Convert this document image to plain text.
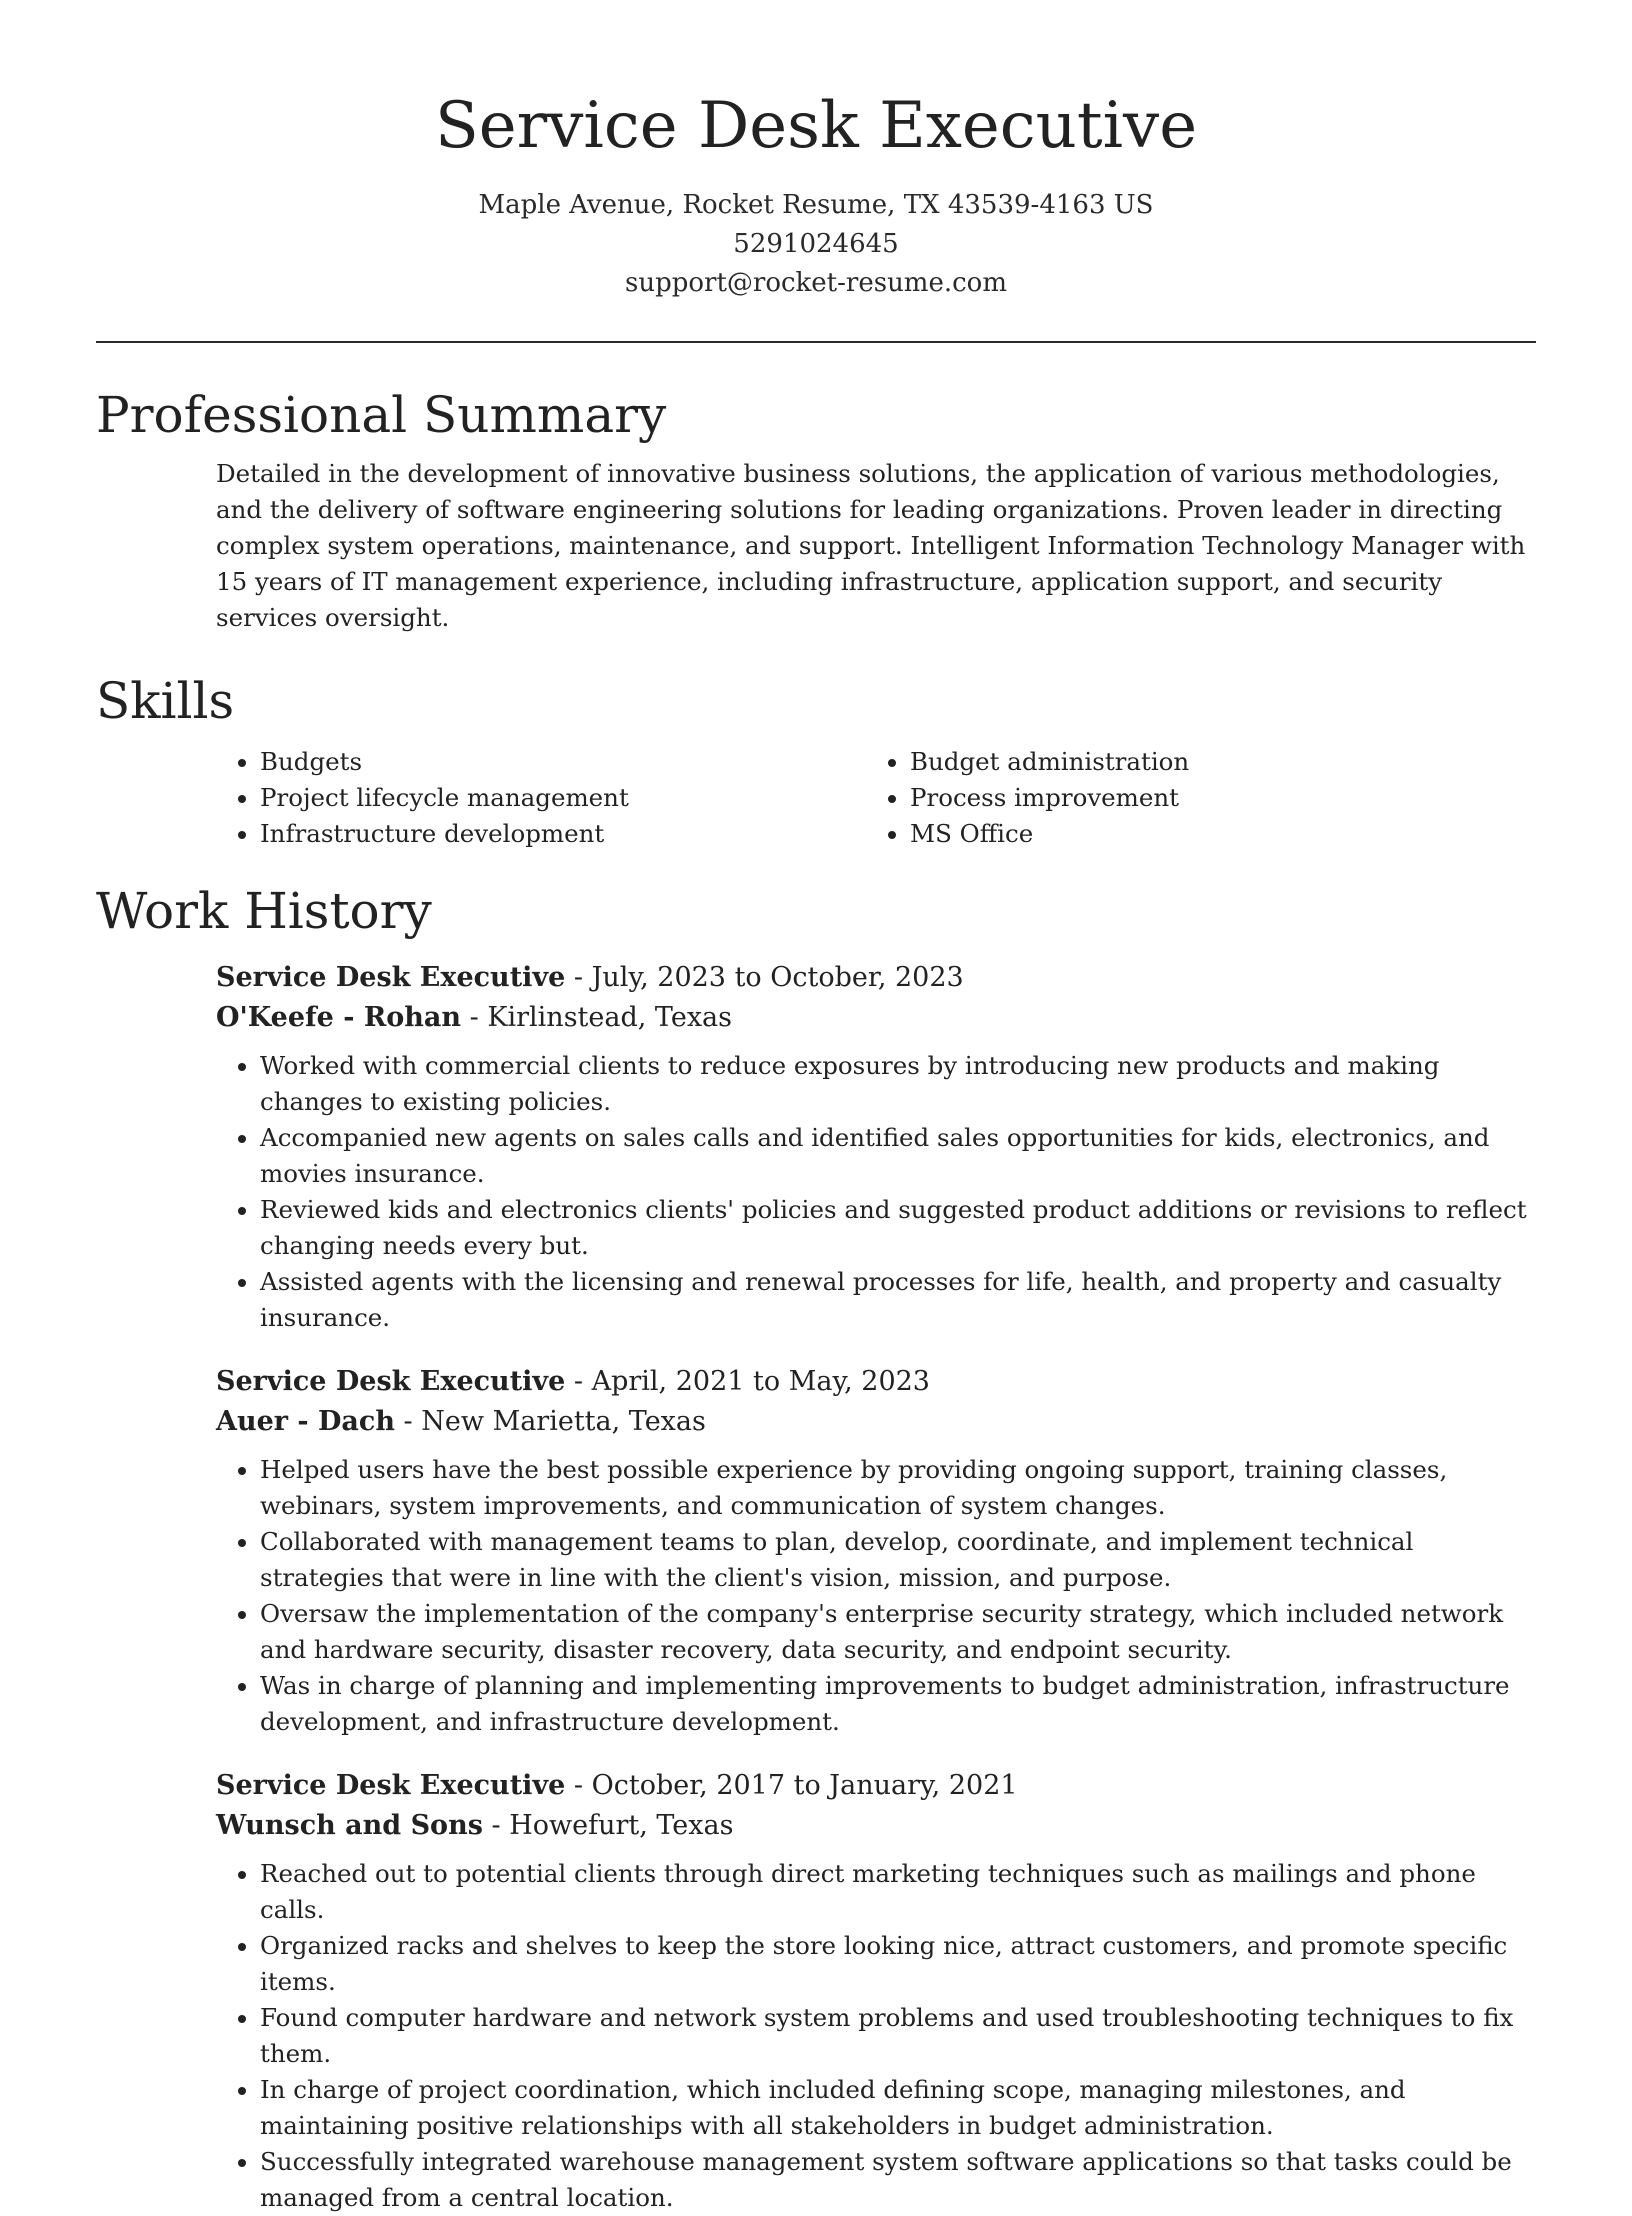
Service Desk Executive
Maple Avenue, Rocket Resume, TX 43539-4163 US
5291024645
support@rocket-resume.com
Professional Summary

Detailed in the development of innovative business solutions, the application of various methodologies, and the delivery of software engineering solutions for leading organizations. Proven leader in directing complex system operations, maintenance, and support. Intelligent Information Technology Manager with 15 years of IT management experience, including infrastructure, application support, and security services oversight.

Skills
• Budgets
• Project lifecycle management
• Infrastructure development
• Budget administration
• Process improvement
• MS Office
Work History
Service Desk Executive - July, 2023 to October, 2023
O'Keefe - Rohan - Kirlinstead, Texas
• Worked with commercial clients to reduce exposures by introducing new products and making changes to existing policies.
• Accompanied new agents on sales calls and identified sales opportunities for kids, electronics, and movies insurance.
• Reviewed kids and electronics clients' policies and suggested product additions or revisions to reflect changing needs every but.
• Assisted agents with the licensing and renewal processes for life, health, and property and casualty insurance.
Service Desk Executive - April, 2021 to May, 2023
Auer - Dach - New Marietta, Texas
• Helped users have the best possible experience by providing ongoing support, training classes, webinars, system improvements, and communication of system changes.
• Collaborated with management teams to plan, develop, coordinate, and implement technical strategies that were in line with the client's vision, mission, and purpose.
• Oversaw the implementation of the company's enterprise security strategy, which included network and hardware security, disaster recovery, data security, and endpoint security.
• Was in charge of planning and implementing improvements to budget administration, infrastructure development, and infrastructure development.
Service Desk Executive - October, 2017 to January, 2021
Wunsch and Sons - Howefurt, Texas
• Reached out to potential clients through direct marketing techniques such as mailings and phone calls.
• Organized racks and shelves to keep the store looking nice, attract customers, and promote specific items.
• Found computer hardware and network system problems and used troubleshooting techniques to fix them.
• In charge of project coordination, which included defining scope, managing milestones, and maintaining positive relationships with all stakeholders in budget administration.
• Successfully integrated warehouse management system software applications so that tasks could be managed from a central location.
